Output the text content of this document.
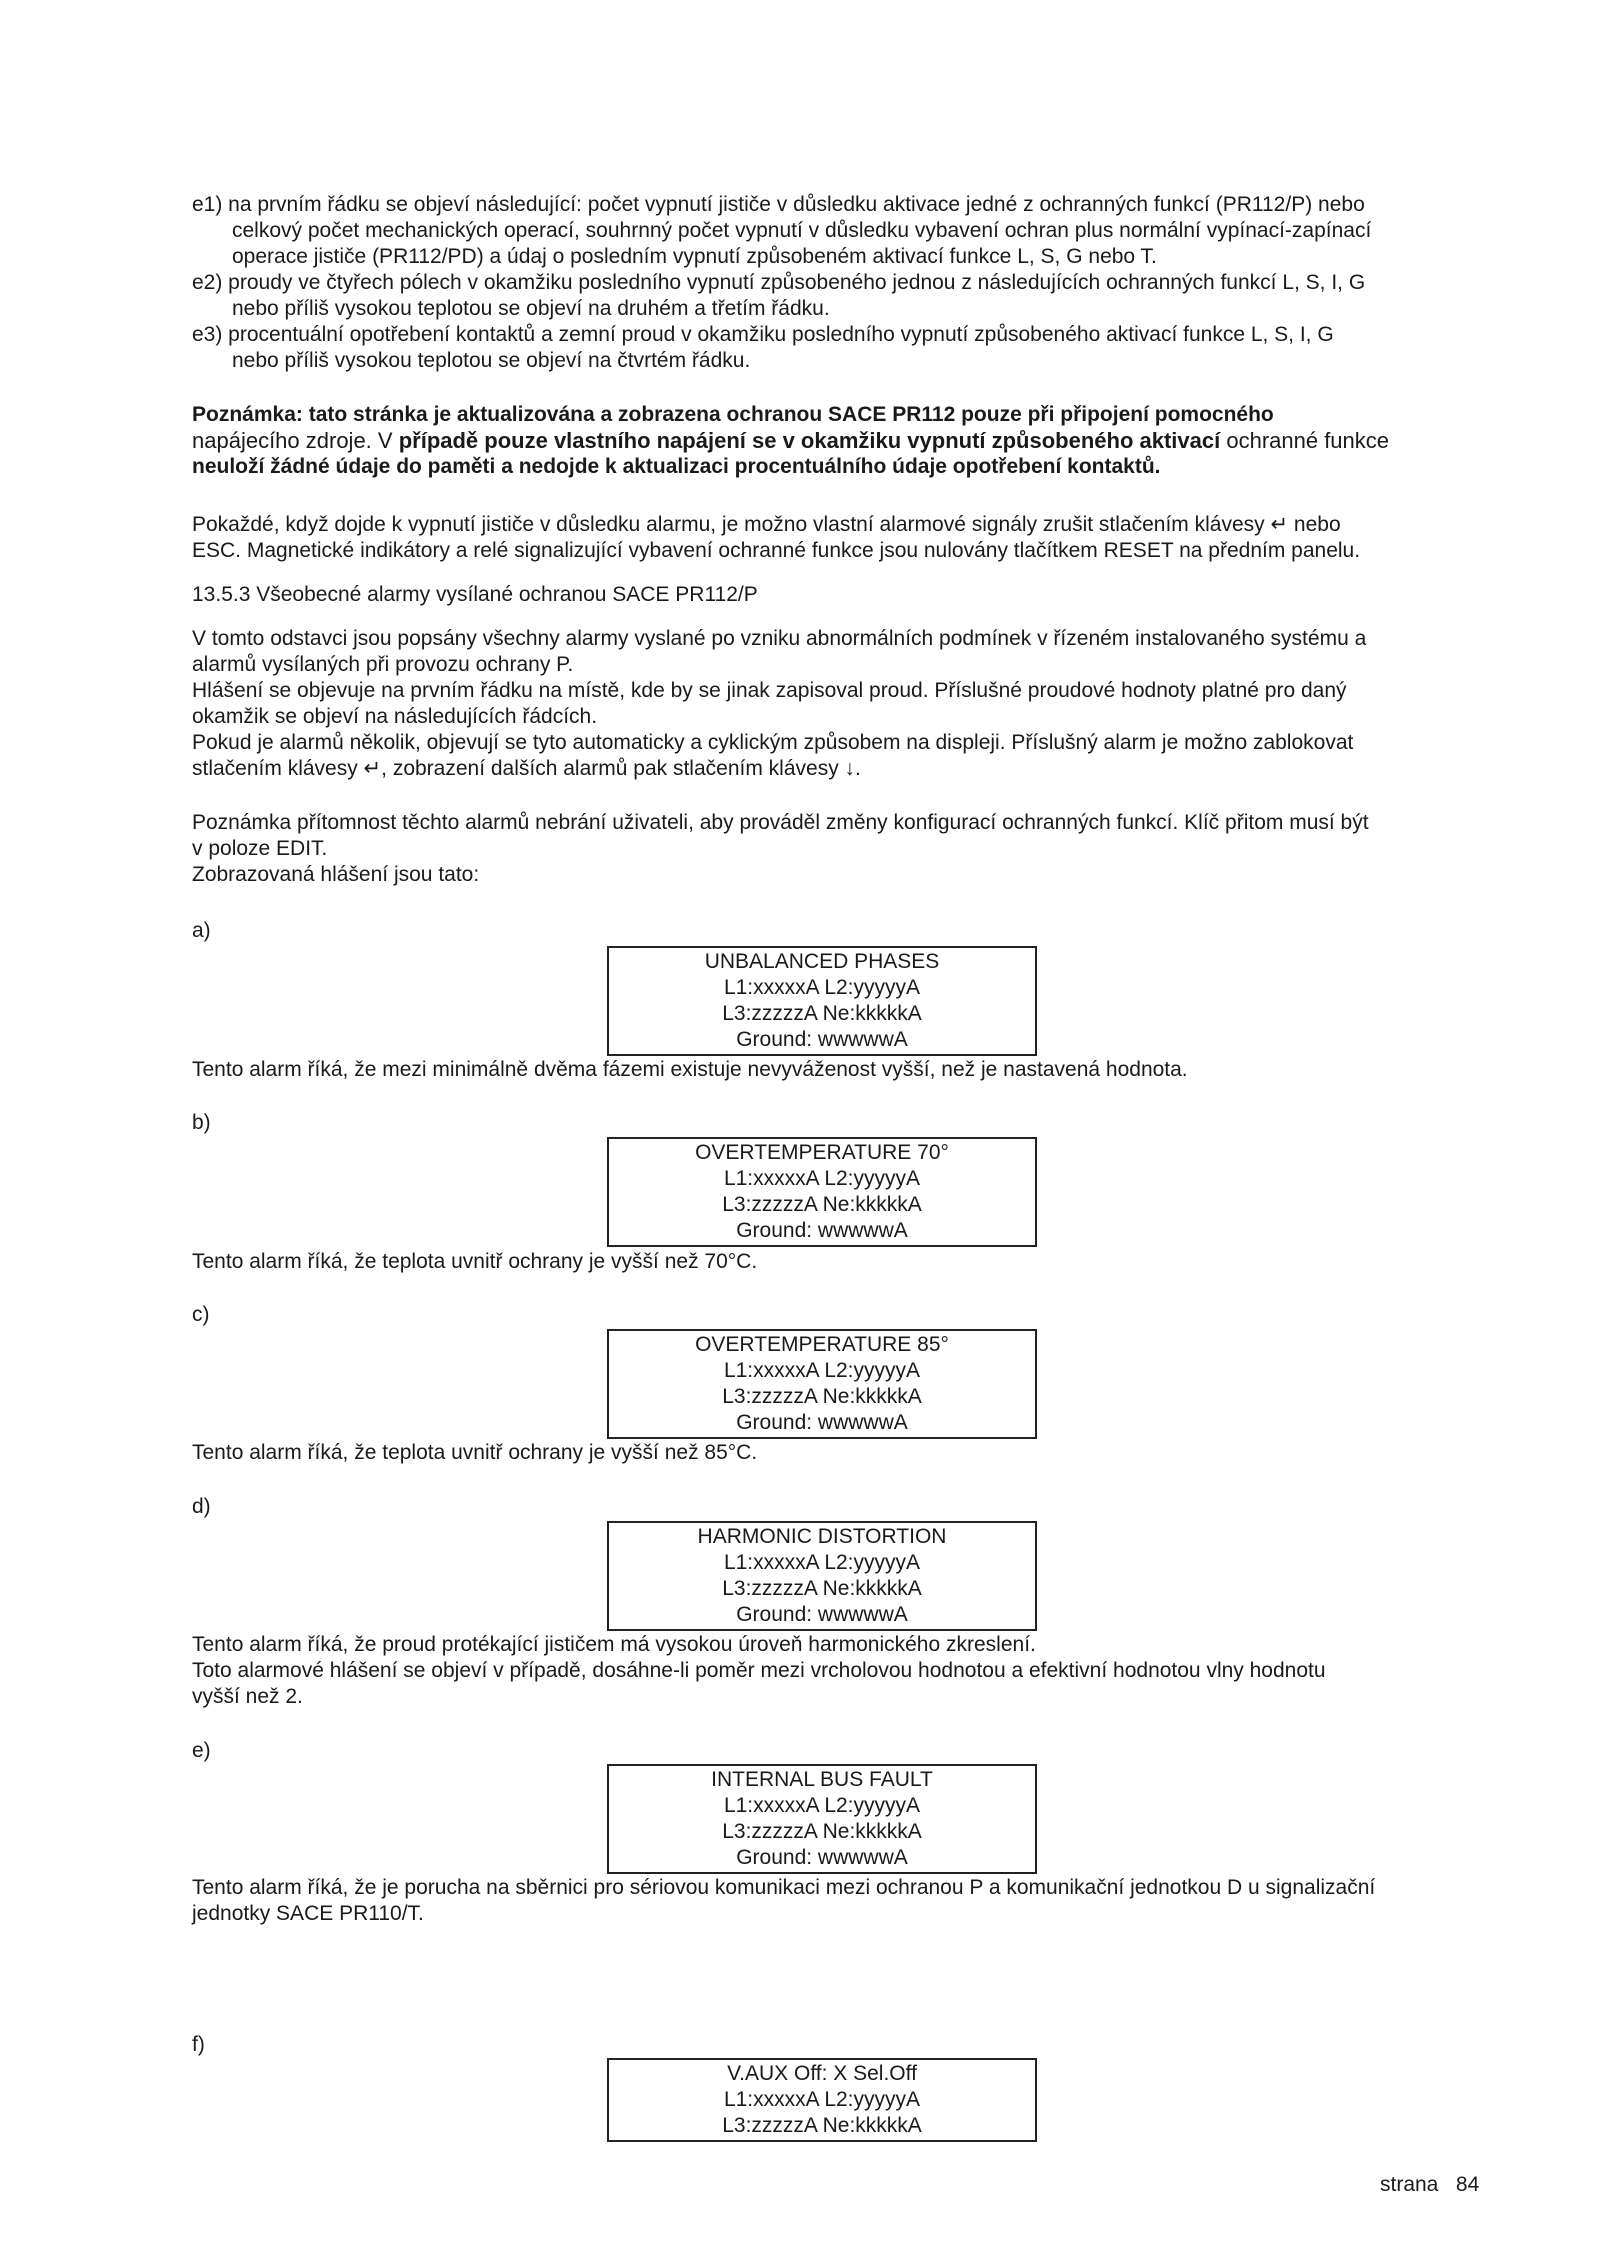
e1) na prvním řádku se objeví následující: počet vypnutí jističe v důsledku aktivace jedné z ochranných funkcí (PR112/P) nebo
celkový počet mechanických operací, souhrnný počet vypnutí v důsledku vybavení ochran plus normální vypínací-zapínací
operace jističe (PR112/PD) a údaj o posledním vypnutí způsobeném aktivací funkce L, S, G nebo T.
e2) proudy ve čtyřech pólech v okamžiku posledního vypnutí způsobeného jednou z následujících ochranných funkcí L, S, I, G
nebo příliš vysokou teplotou se objeví na druhém a třetím řádku.
e3) procentuální opotřebení kontaktů a zemní proud v okamžiku posledního vypnutí způsobeného aktivací funkce L, S, I, G
nebo příliš vysokou teplotou se objeví na čtvrtém řádku.
Poznámka: tato stránka je aktualizována a zobrazena ochranou SACE PR112 pouze při připojení pomocného
napájecího zdroje. V případě pouze vlastního napájení se v okamžiku vypnutí způsobeného aktivací ochranné funkce
neuloží žádné údaje do paměti a nedojde k aktualizaci procentuálního údaje opotřebení kontaktů.
Pokaždé, když dojde k vypnutí jističe v důsledku alarmu, je možno vlastní alarmové signály zrušit stlačením klávesy ↵ nebo
ESC. Magnetické indikátory a relé signalizující vybavení ochranné funkce jsou nulovány tlačítkem RESET na předním panelu.
13.5.3 Všeobecné alarmy vysílané ochranou SACE PR112/P
V tomto odstavci jsou popsány všechny alarmy vyslané po vzniku abnormálních podmínek v řízeném instalovaného systému a
alarmů vysílaných při provozu ochrany P.
Hlášení se objevuje na prvním řádku na místě, kde by se jinak zapisoval proud. Příslušné proudové hodnoty platné pro daný
okamžik se objeví na následujících řádcích.
Pokud je alarmů několik, objevují se tyto automaticky a cyklickým způsobem na displeji. Příslušný alarm je možno zablokovat
stlačením klávesy ↵, zobrazení dalších alarmů pak stlačením klávesy ↓.
Poznámka přítomnost těchto alarmů nebrání uživateli, aby prováděl změny konfigurací ochranných funkcí. Klíč přitom musí být
v poloze EDIT.
Zobrazovaná hlášení jsou tato:
a)
UNBALANCED PHASES
L1:xxxxxA L2:yyyyyA
L3:zzzzzA Ne:kkkkkA
Ground: wwwwwA
Tento alarm říká, že mezi minimálně dvěma fázemi existuje nevyváženost vyšší, než je nastavená hodnota.
b)
OVERTEMPERATURE 70°
L1:xxxxxA L2:yyyyyA
L3:zzzzzA Ne:kkkkkA
Ground: wwwwwA
Tento alarm říká, že teplota uvnitř ochrany je vyšší než 70°C.
c)
OVERTEMPERATURE 85°
L1:xxxxxA L2:yyyyyA
L3:zzzzzA Ne:kkkkkA
Ground: wwwwwA
Tento alarm říká, že teplota uvnitř ochrany je vyšší než 85°C.
d)
HARMONIC DISTORTION
L1:xxxxxA L2:yyyyyA
L3:zzzzzA Ne:kkkkkA
Ground: wwwwwA
Tento alarm říká, že proud protékající jističem má vysokou úroveň harmonického zkreslení.
Toto alarmové hlášení se objeví v případě, dosáhne-li poměr mezi vrcholovou hodnotou a efektivní hodnotou vlny hodnotu
vyšší než 2.
e)
INTERNAL BUS FAULT
L1:xxxxxA L2:yyyyyA
L3:zzzzzA Ne:kkkkkA
Ground: wwwwwA
Tento alarm říká, že je porucha na sběrnici pro sériovou komunikaci mezi ochranou P a komunikační jednotkou D u signalizační
jednotky SACE PR110/T.
f)
V.AUX Off: X Sel.Off
L1:xxxxxA L2:yyyyyA
L3:zzzzzA Ne:kkkkkA
strana 84
